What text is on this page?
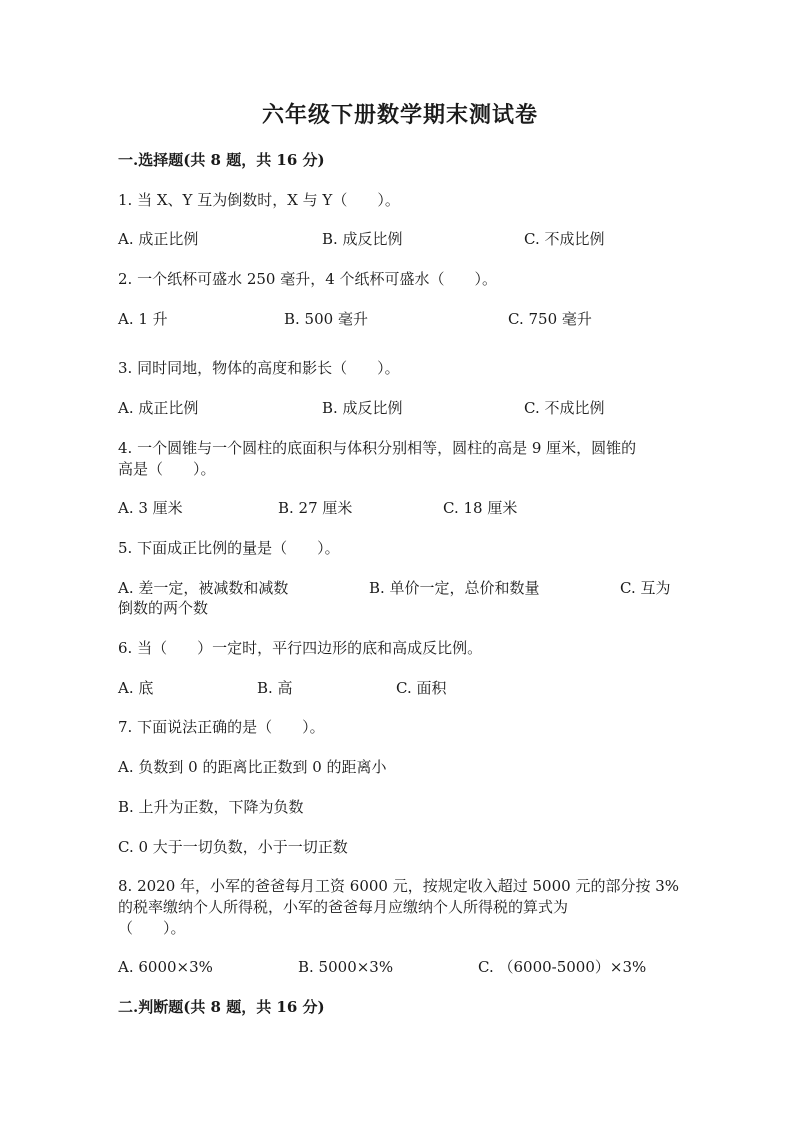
六年级下册数学期末测试卷
一.选择题(共 8 题，共 16 分)
1. 当 X、Y 互为倒数时，X 与 Y（　　）。
A. 成正比例	B. 成反比例	C. 不成比例
2. 一个纸杯可盛水 250 毫升，4 个纸杯可盛水（　　）。
A. 1 升	B. 500 毫升	C. 750 毫升
3. 同时同地，物体的高度和影长（　　）。
A. 成正比例	B. 成反比例	C. 不成比例
4. 一个圆锥与一个圆柱的底面积与体积分别相等，圆柱的高是 9 厘米，圆锥的
高是（　　）。
A. 3 厘米	B. 27 厘米	C. 18 厘米
5. 下面成正比例的量是（　　）。
A. 差一定，被减数和减数	B. 单价一定，总价和数量	C. 互为
倒数的两个数
6. 当（　　）一定时，平行四边形的底和高成反比例。
A. 底	B. 高	C. 面积
7. 下面说法正确的是（　　）。
A. 负数到 0 的距离比正数到 0 的距离小
B. 上升为正数，下降为负数
C. 0 大于一切负数，小于一切正数
8. 2020 年，小军的爸爸每月工资 6000 元，按规定收入超过 5000 元的部分按 3%
的税率缴纳个人所得税，小军的爸爸每月应缴纳个人所得税的算式为
（　　）。
A. 6000×3%	B. 5000×3%	C. （6000-5000）×3%
二.判断题(共 8 题，共 16 分)
